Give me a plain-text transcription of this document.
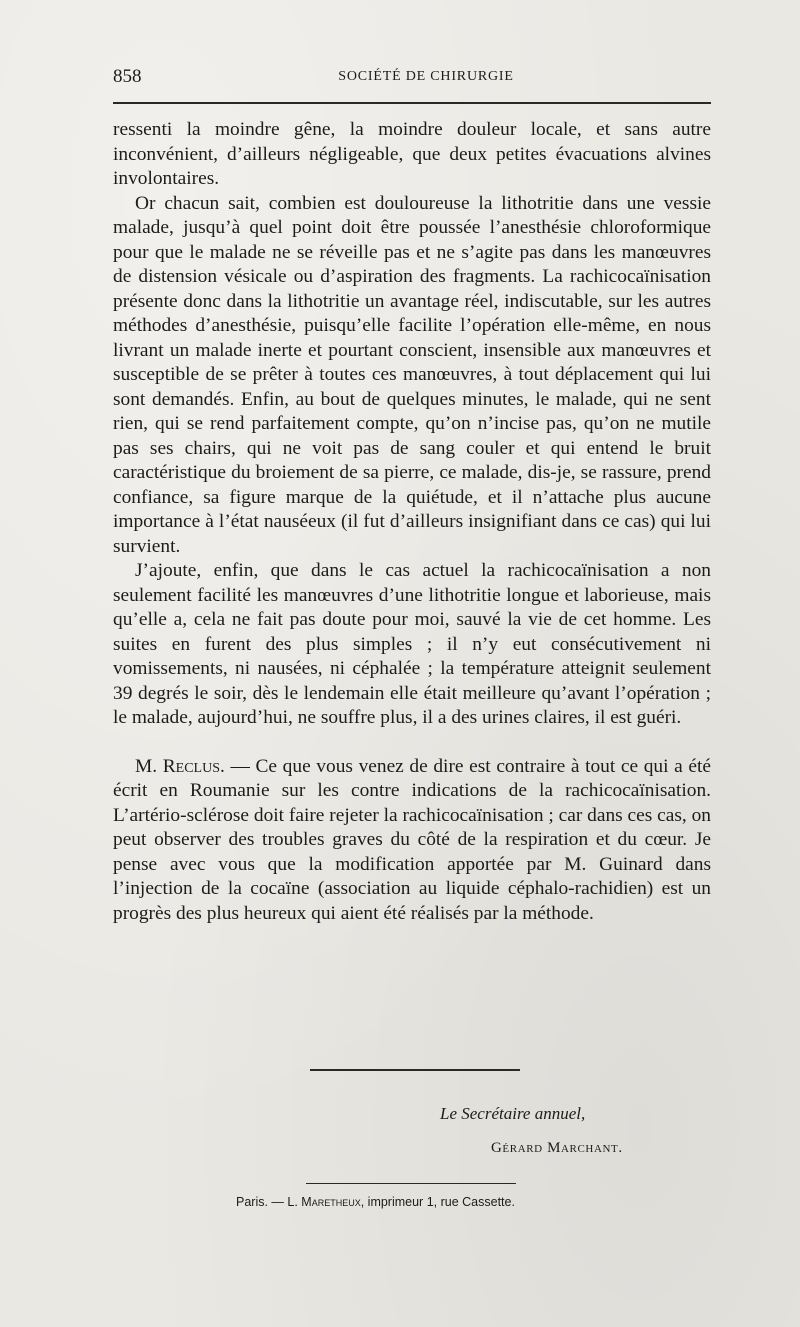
858	SOCIÉTÉ DE CHIRURGIE

ressenti la moindre gêne, la moindre douleur locale, et sans autre inconvénient, d’ailleurs négligeable, que deux petites évacuations alvines involontaires.

Or chacun sait, combien est douloureuse la lithotritie dans une vessie malade, jusqu’à quel point doit être poussée l’anesthésie chloroformique pour que le malade ne se réveille pas et ne s’agite pas dans les manœuvres de distension vésicale ou d’aspiration des fragments. La rachicocaïnisation présente donc dans la lithotritie un avantage réel, indiscutable, sur les autres méthodes d’anesthésie, puisqu’elle facilite l’opération elle-même, en nous livrant un malade inerte et pourtant conscient, insensible aux manœuvres et susceptible de se prêter à toutes ces manœuvres, à tout déplacement qui lui sont demandés. Enfin, au bout de quelques minutes, le malade, qui ne sent rien, qui se rend parfaitement compte, qu’on n’incise pas, qu’on ne mutile pas ses chairs, qui ne voit pas de sang couler et qui entend le bruit caractéristique du broiement de sa pierre, ce malade, dis-je, se rassure, prend confiance, sa figure marque de la quiétude, et il n’attache plus aucune importance à l’état nauséeux (il fut d’ailleurs insignifiant dans ce cas) qui lui survient.

J’ajoute, enfin, que dans le cas actuel la rachicocaïnisation a non seulement facilité les manœuvres d’une lithotritie longue et laborieuse, mais qu’elle a, cela ne fait pas doute pour moi, sauvé la vie de cet homme. Les suites en furent des plus simples ; il n’y eut consécutivement ni vomissements, ni nausées, ni céphalée ; la température atteignit seulement 39 degrés le soir, dès le lendemain elle était meilleure qu’avant l’opération ; le malade, aujourd’hui, ne souffre plus, il a des urines claires, il est guéri.

M. Reclus. — Ce que vous venez de dire est contraire à tout ce qui a été écrit en Roumanie sur les contre indications de la rachicocaïnisation. L’artério-sclérose doit faire rejeter la rachicocaïnisation ; car dans ces cas, on peut observer des troubles graves du côté de la respiration et du cœur. Je pense avec vous que la modification apportée par M. Guinard dans l’injection de la cocaïne (association au liquide céphalo-rachidien) est un progrès des plus heureux qui aient été réalisés par la méthode.

Le Secrétaire annuel,
Gérard Marchant.
Paris. — L. Maretheux, imprimeur 1, rue Cassette.
